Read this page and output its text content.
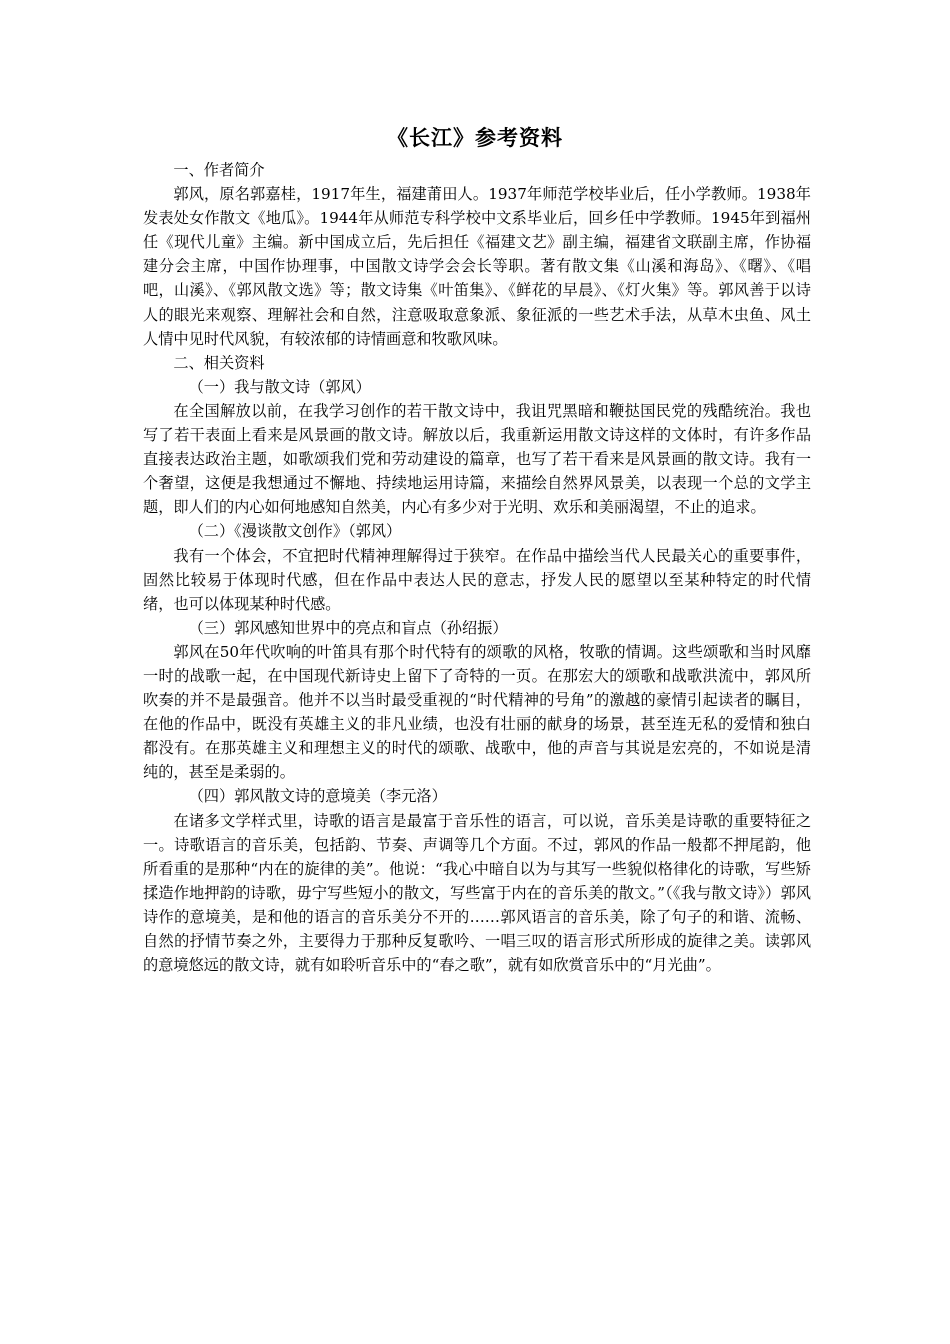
《长江》参考资料

一、作者简介

郭风，原名郭嘉桂，1917年生，福建莆田人。1937年师范学校毕业后，任小学教师。1938年发表处女作散文《地瓜》。1944年从师范专科学校中文系毕业后，回乡任中学教师。1945年到福州任《现代儿童》主编。新中国成立后，先后担任《福建文艺》副主编，福建省文联副主席，作协福建分会主席，中国作协理事，中国散文诗学会会长等职。著有散文集《山溪和海岛》、《曙》、《唱吧，山溪》、《郭风散文选》等；散文诗集《叶笛集》、《鲜花的早晨》、《灯火集》等。郭风善于以诗人的眼光来观察、理解社会和自然，注意吸取意象派、象征派的一些艺术手法，从草木虫鱼、风土人情中见时代风貌，有较浓郁的诗情画意和牧歌风味。

二、相关资料

（一）我与散文诗（郭风）

在全国解放以前，在我学习创作的若干散文诗中，我诅咒黑暗和鞭挞国民党的残酷统治。我也写了若干表面上看来是风景画的散文诗。解放以后，我重新运用散文诗这样的文体时，有许多作品直接表达政治主题，如歌颂我们党和劳动建设的篇章，也写了若干看来是风景画的散文诗。我有一个奢望，这便是我想通过不懈地、持续地运用诗篇，来描绘自然界风景美，以表现一个总的文学主题，即人们的内心如何地感知自然美，内心有多少对于光明、欢乐和美丽渴望，不止的追求。

（二）《漫谈散文创作》（郭风）

我有一个体会，不宜把时代精神理解得过于狭窄。在作品中描绘当代人民最关心的重要事件，固然比较易于体现时代感，但在作品中表达人民的意志，抒发人民的愿望以至某种特定的时代情绪，也可以体现某种时代感。

（三）郭风感知世界中的亮点和盲点（孙绍振）

郭风在50年代吹响的叶笛具有那个时代特有的颂歌的风格，牧歌的情调。这些颂歌和当时风靡一时的战歌一起，在中国现代新诗史上留下了奇特的一页。在那宏大的颂歌和战歌洪流中，郭风所吹奏的并不是最强音。他并不以当时最受重视的“时代精神的号角”的激越的豪情引起读者的瞩目，在他的作品中，既没有英雄主义的非凡业绩，也没有壮丽的献身的场景，甚至连无私的爱情和独白都没有。在那英雄主义和理想主义的时代的颂歌、战歌中，他的声音与其说是宏亮的，不如说是清纯的，甚至是柔弱的。

（四）郭风散文诗的意境美（李元洛）

在诸多文学样式里，诗歌的语言是最富于音乐性的语言，可以说，音乐美是诗歌的重要特征之一。诗歌语言的音乐美，包括韵、节奏、声调等几个方面。不过，郭风的作品一般都不押尾韵，他所看重的是那种“内在的旋律的美”。他说：“我心中暗自以为与其写一些貌似格律化的诗歌，写些矫揉造作地押韵的诗歌，毋宁写些短小的散文，写些富于内在的音乐美的散文。”（《我与散文诗》）郭风诗作的意境美，是和他的语言的音乐美分不开的……郭风语言的音乐美，除了句子的和谐、流畅、自然的抒情节奏之外，主要得力于那种反复歌吟、一唱三叹的语言形式所形成的旋律之美。读郭风的意境悠远的散文诗，就有如聆听音乐中的“春之歌”，就有如欣赏音乐中的“月光曲”。
